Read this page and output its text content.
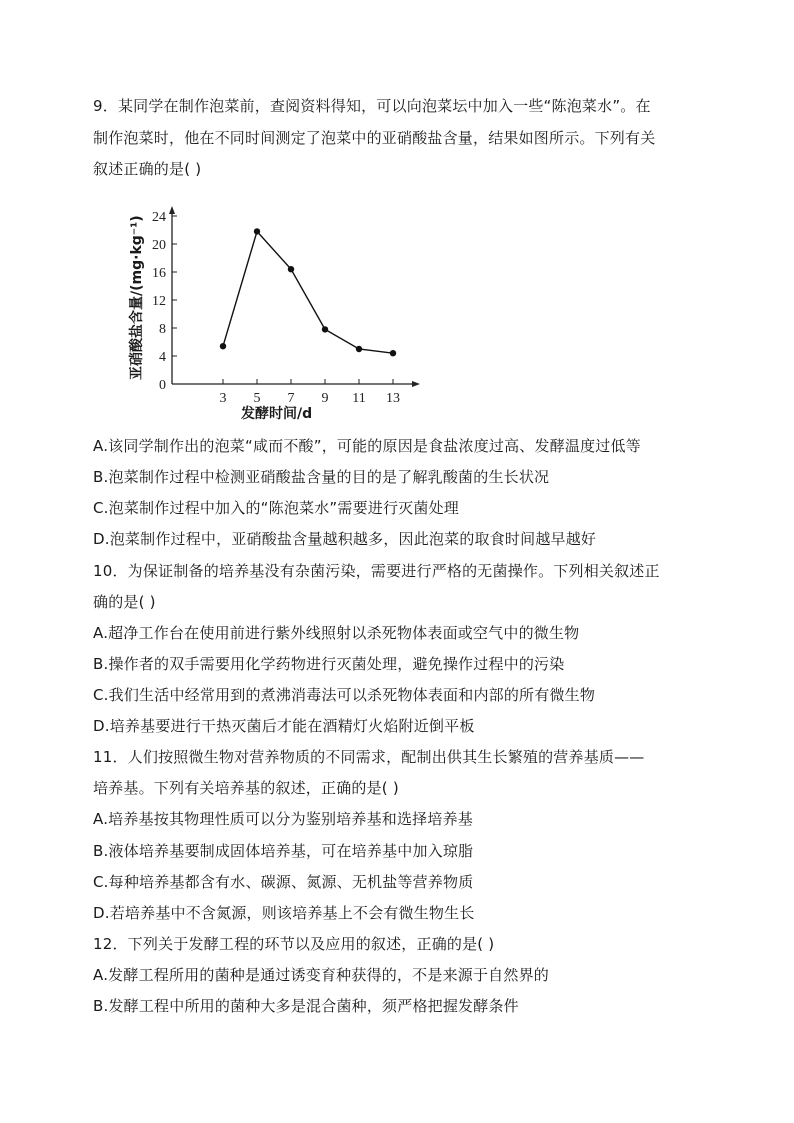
9．某同学在制作泡菜前，查阅资料得知，可以向泡菜坛中加入一些“陈泡菜水”。在
制作泡菜时，他在不同时间测定了泡菜中的亚硝酸盐含量，结果如图所示。下列有关
叙述正确的是( )
亚硝酸盐含量/(mg·kg⁻¹)
0
4
8
12
16
20
24
3 5 7 9 11 13
发酵时间/d
A.该同学制作出的泡菜“咸而不酸”，可能的原因是食盐浓度过高、发酵温度过低等
B.泡菜制作过程中检测亚硝酸盐含量的目的是了解乳酸菌的生长状况
C.泡菜制作过程中加入的“陈泡菜水”需要进行灭菌处理
D.泡菜制作过程中，亚硝酸盐含量越积越多，因此泡菜的取食时间越早越好
10．为保证制备的培养基没有杂菌污染，需要进行严格的无菌操作。下列相关叙述正
确的是( )
A.超净工作台在使用前进行紫外线照射以杀死物体表面或空气中的微生物
B.操作者的双手需要用化学药物进行灭菌处理，避免操作过程中的污染
C.我们生活中经常用到的煮沸消毒法可以杀死物体表面和内部的所有微生物
D.培养基要进行干热灭菌后才能在酒精灯火焰附近倒平板
11．人们按照微生物对营养物质的不同需求，配制出供其生长繁殖的营养基质——
培养基。下列有关培养基的叙述，正确的是( )
A.培养基按其物理性质可以分为鉴别培养基和选择培养基
B.液体培养基要制成固体培养基，可在培养基中加入琼脂
C.每种培养基都含有水、碳源、氮源、无机盐等营养物质
D.若培养基中不含氮源，则该培养基上不会有微生物生长
12．下列关于发酵工程的环节以及应用的叙述，正确的是( )
A.发酵工程所用的菌种是通过诱变育种获得的，不是来源于自然界的
B.发酵工程中所用的菌种大多是混合菌种，须严格把握发酵条件
